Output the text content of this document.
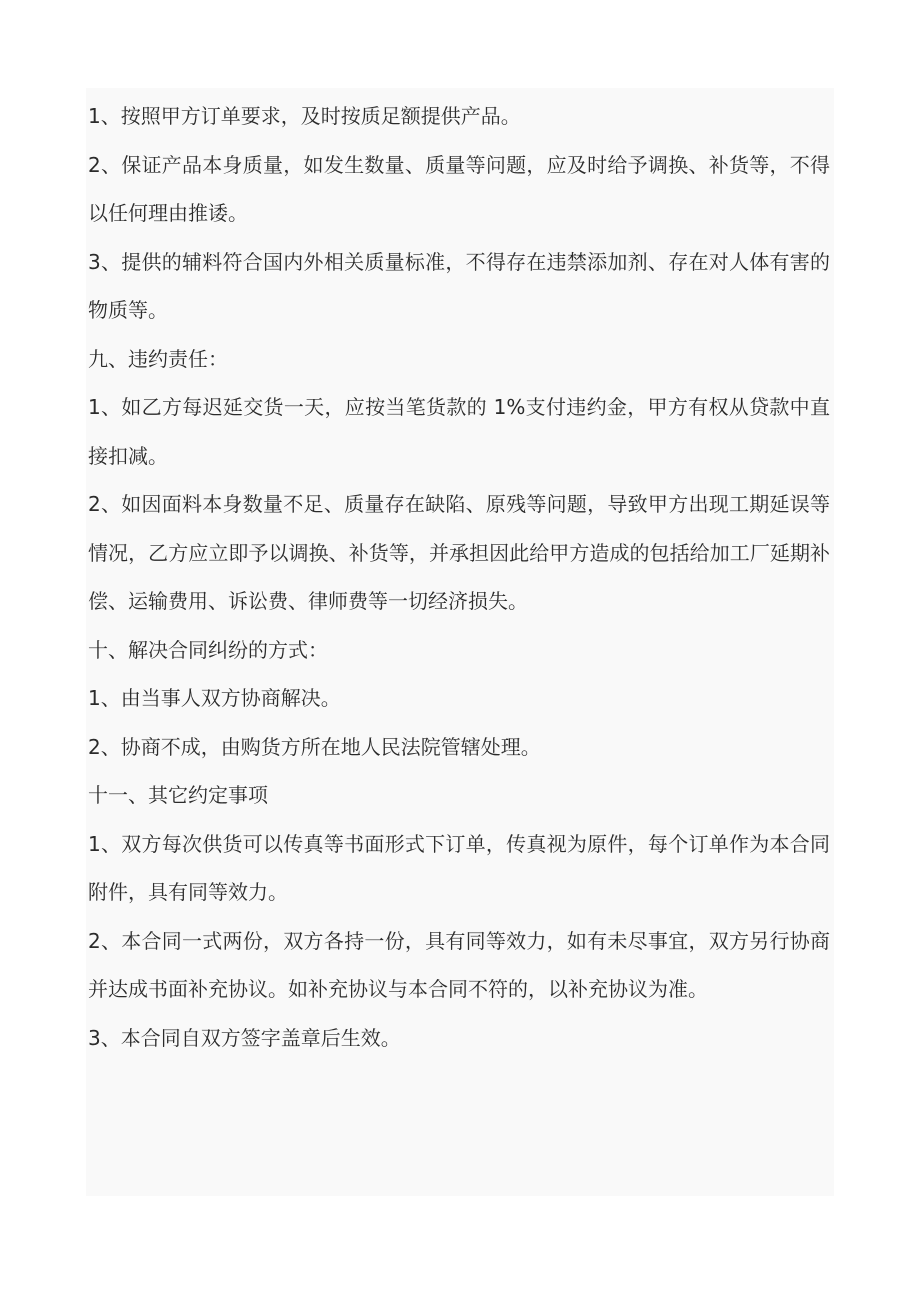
1、按照甲方订单要求，及时按质足额提供产品。

2、保证产品本身质量，如发生数量、质量等问题，应及时给予调换、补货等，不得以任何理由推诿。

3、提供的辅料符合国内外相关质量标准，不得存在违禁添加剂、存在对人体有害的物质等。

九、违约责任：

1、如乙方每迟延交货一天，应按当笔货款的 1%支付违约金，甲方有权从贷款中直接扣减。

2、如因面料本身数量不足、质量存在缺陷、原残等问题，导致甲方出现工期延误等情况，乙方应立即予以调换、补货等，并承担因此给甲方造成的包括给加工厂延期补偿、运输费用、诉讼费、律师费等一切经济损失。

十、解决合同纠纷的方式：

1、由当事人双方协商解决。

2、协商不成，由购货方所在地人民法院管辖处理。

十一、其它约定事项

1、双方每次供货可以传真等书面形式下订单，传真视为原件，每个订单作为本合同附件，具有同等效力。

2、本合同一式两份，双方各持一份，具有同等效力，如有未尽事宜，双方另行协商并达成书面补充协议。如补充协议与本合同不符的，以补充协议为准。

3、本合同自双方签字盖章后生效。
